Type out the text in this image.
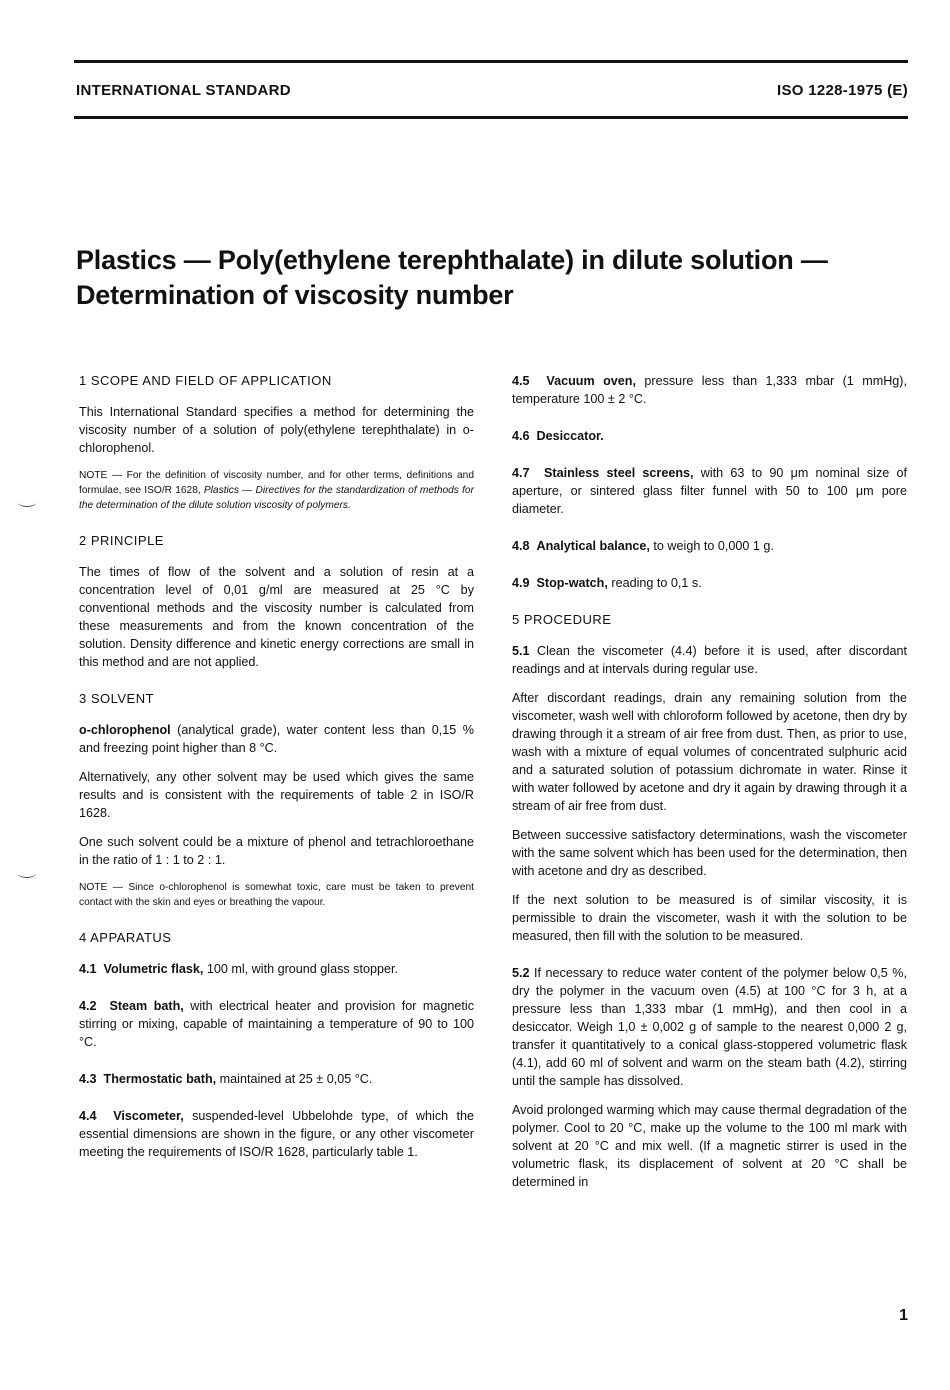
INTERNATIONAL STANDARD	ISO 1228-1975 (E)
Plastics — Poly(ethylene terephthalate) in dilute solution —
Determination of viscosity number
1 SCOPE AND FIELD OF APPLICATION

This International Standard specifies a method for determining the viscosity number of a solution of poly(ethylene terephthalate) in o-chlorophenol.

NOTE — For the definition of viscosity number, and for other terms, definitions and formulae, see ISO/R 1628, Plastics — Directives for the standardization of methods for the determination of the dilute solution viscosity of polymers.

2 PRINCIPLE

The times of flow of the solvent and a solution of resin at a concentration level of 0,01 g/ml are measured at 25 °C by conventional methods and the viscosity number is calculated from these measurements and from the known concentration of the solution. Density difference and kinetic energy corrections are small in this method and are not applied.

3 SOLVENT

o-chlorophenol (analytical grade), water content less than 0,15 % and freezing point higher than 8 °C.

Alternatively, any other solvent may be used which gives the same results and is consistent with the requirements of table 2 in ISO/R 1628.

One such solvent could be a mixture of phenol and tetrachloroethane in the ratio of 1 : 1 to 2 : 1.

NOTE — Since o-chlorophenol is somewhat toxic, care must be taken to prevent contact with the skin and eyes or breathing the vapour.

4 APPARATUS

4.1 Volumetric flask, 100 ml, with ground glass stopper.

4.2 Steam bath, with electrical heater and provision for magnetic stirring or mixing, capable of maintaining a temperature of 90 to 100 °C.

4.3 Thermostatic bath, maintained at 25 ± 0,05 °C.

4.4 Viscometer, suspended-level Ubbelohde type, of which the essential dimensions are shown in the figure, or any other viscometer meeting the requirements of ISO/R 1628, particularly table 1.

4.5 Vacuum oven, pressure less than 1,333 mbar (1 mmHg), temperature 100 ± 2 °C.

4.6 Desiccator.

4.7 Stainless steel screens, with 63 to 90 μm nominal size of aperture, or sintered glass filter funnel with 50 to 100 μm pore diameter.

4.8 Analytical balance, to weigh to 0,000 1 g.

4.9 Stop-watch, reading to 0,1 s.

5 PROCEDURE

5.1 Clean the viscometer (4.4) before it is used, after discordant readings and at intervals during regular use.

After discordant readings, drain any remaining solution from the viscometer, wash well with chloroform followed by acetone, then dry by drawing through it a stream of air free from dust. Then, as prior to use, wash with a mixture of equal volumes of concentrated sulphuric acid and a saturated solution of potassium dichromate in water. Rinse it with water followed by acetone and dry it again by drawing through it a stream of air free from dust.

Between successive satisfactory determinations, wash the viscometer with the same solvent which has been used for the determination, then with acetone and dry as described.

If the next solution to be measured is of similar viscosity, it is permissible to drain the viscometer, wash it with the solution to be measured, then fill with the solution to be measured.

5.2 If necessary to reduce water content of the polymer below 0,5 %, dry the polymer in the vacuum oven (4.5) at 100 °C for 3 h, at a pressure less than 1,333 mbar (1 mmHg), and then cool in a desiccator. Weigh 1,0 ± 0,002 g of sample to the nearest 0,000 2 g, transfer it quantitatively to a conical glass-stoppered volumetric flask (4.1), add 60 ml of solvent and warm on the steam bath (4.2), stirring until the sample has dissolved.

Avoid prolonged warming which may cause thermal degradation of the polymer. Cool to 20 °C, make up the volume to the 100 ml mark with solvent at 20 °C and mix well. (If a magnetic stirrer is used in the volumetric flask, its displacement of solvent at 20 °C shall be determined in

1
